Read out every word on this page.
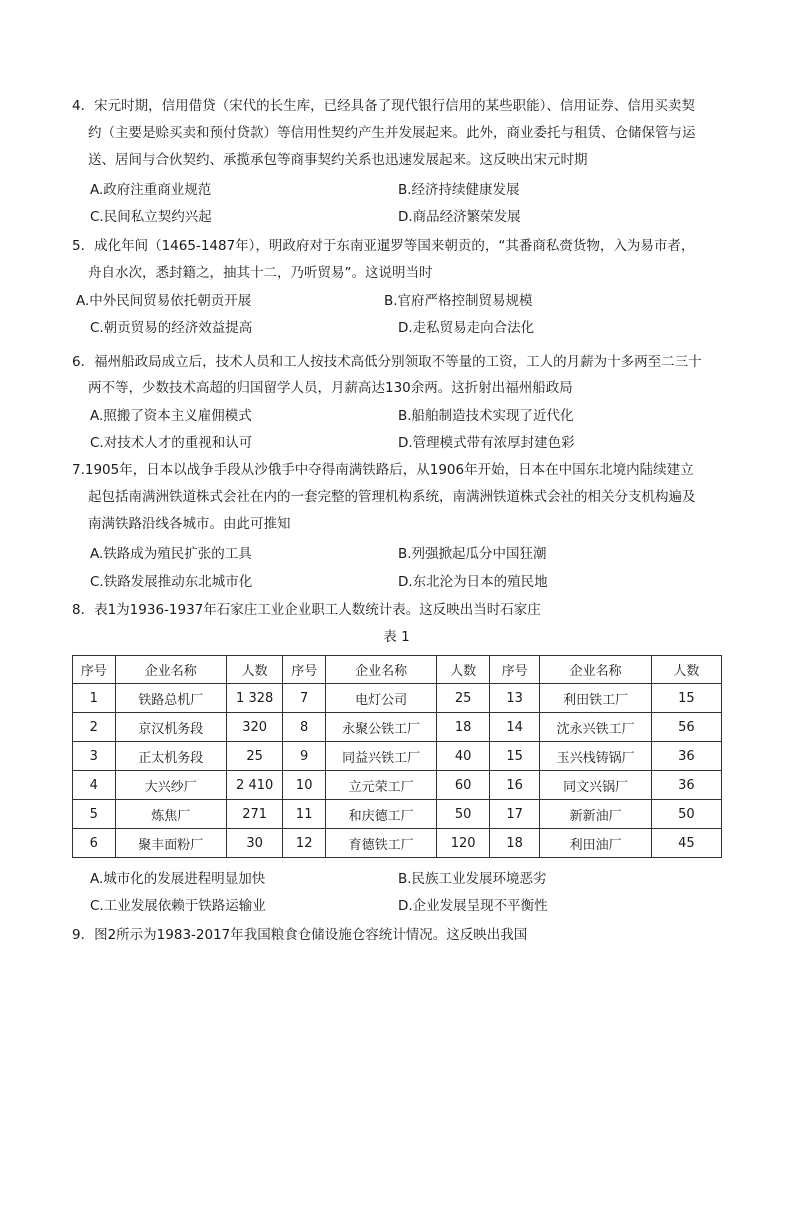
4．宋元时期，信用借贷（宋代的长生库，已经具备了现代银行信用的某些职能）、信用证券、信用买卖契
约（主要是赊买卖和预付贷款）等信用性契约产生并发展起来。此外，商业委托与租赁、仓储保管与运
送、居间与合伙契约、承揽承包等商事契约关系也迅速发展起来。这反映出宋元时期
A.政府注重商业规范	B.经济持续健康发展
C.民间私立契约兴起	D.商品经济繁荣发展
5．成化年间（1465-1487年），明政府对于东南亚暹罗等国来朝贡的，“其番商私赍货物，入为易市者，
舟自水次，悉封籍之，抽其十二，乃听贸易”。这说明当时
A.中外民间贸易依托朝贡开展	B.官府严格控制贸易规模
C.朝贡贸易的经济效益提高	D.走私贸易走向合法化
6．福州船政局成立后，技术人员和工人按技术高低分别领取不等量的工资，工人的月薪为十多两至二三十
两不等，少数技术高超的归国留学人员，月薪高达130余两。这折射出福州船政局
A.照搬了资本主义雇佣模式	B.船舶制造技术实现了近代化
C.对技术人才的重视和认可	D.管理模式带有浓厚封建色彩
7.1905年，日本以战争手段从沙俄手中夺得南满铁路后，从1906年开始，日本在中国东北境内陆续建立
起包括南满洲铁道株式会社在内的一套完整的管理机构系统，南满洲铁道株式会社的相关分支机构遍及
南满铁路沿线各城市。由此可推知
A.铁路成为殖民扩张的工具	B.列强掀起瓜分中国狂潮
C.铁路发展推动东北城市化	D.东北沦为日本的殖民地
8．表1为1936-1937年石家庄工业企业职工人数统计表。这反映出当时石家庄
表 1
序号	企业名称	人数	序号	企业名称	人数	序号	企业名称	人数
1	铁路总机厂	1 328	7	电灯公司	25	13	利田铁工厂	15
2	京汉机务段	320	8	永聚公铁工厂	18	14	沈永兴铁工厂	56
3	正太机务段	25	9	同益兴铁工厂	40	15	玉兴栈铸锅厂	36
4	大兴纱厂	2 410	10	立元荣工厂	60	16	同文兴锅厂	36
5	炼焦厂	271	11	和庆德工厂	50	17	新新油厂	50
6	聚丰面粉厂	30	12	育德铁工厂	120	18	利田油厂	45
A.城市化的发展进程明显加快	B.民族工业发展环境恶劣
C.工业发展依赖于铁路运输业	D.企业发展呈现不平衡性
9．图2所示为1983-2017年我国粮食仓储设施仓容统计情况。这反映出我国
